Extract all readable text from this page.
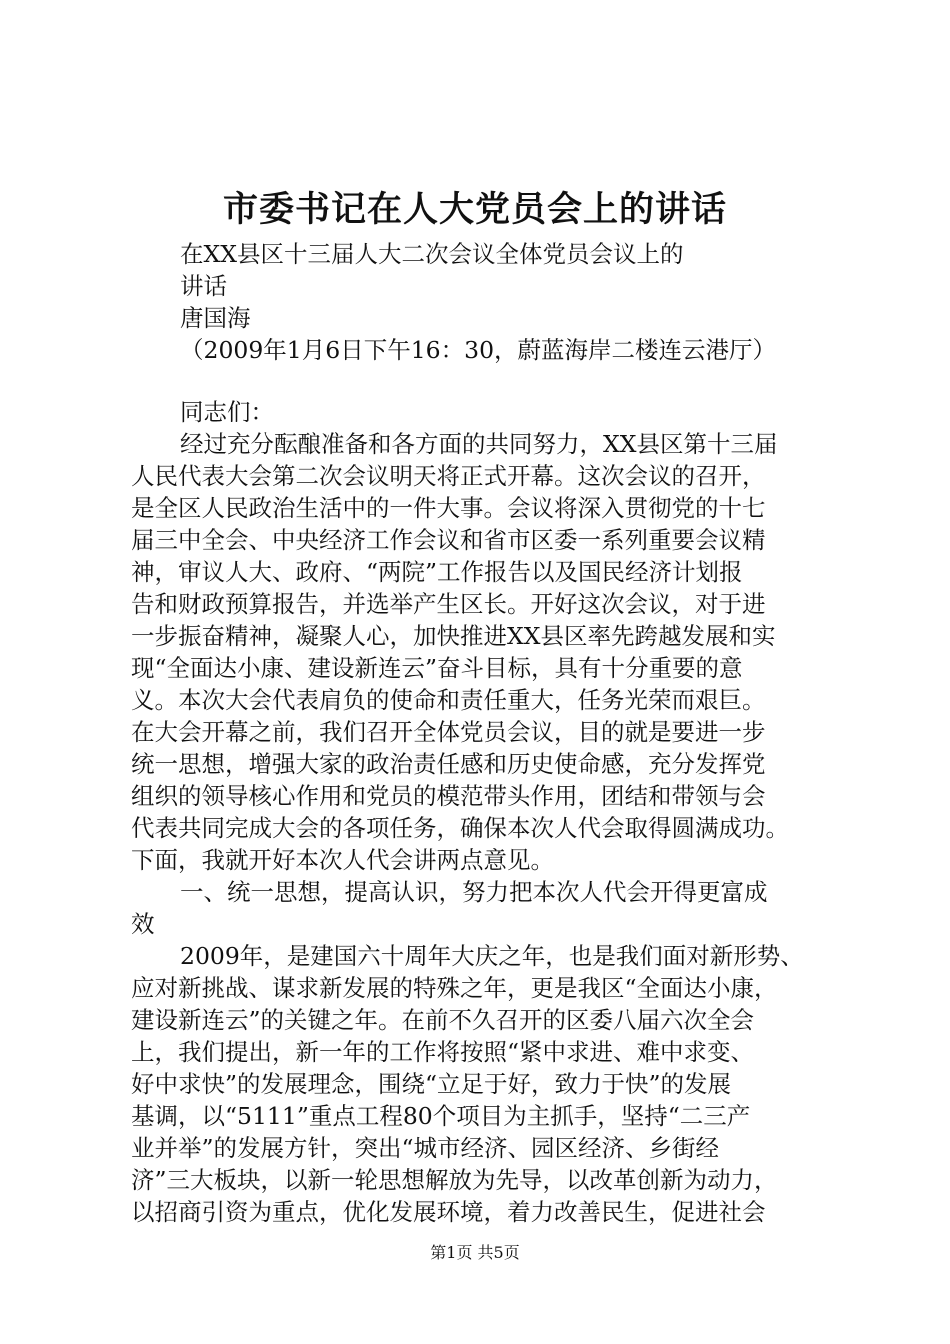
市委书记在人大党员会上的讲话
在XX县区十三届人大二次会议全体党员会议上的
讲话
唐国海
（2009年1月6日下午16：30，蔚蓝海岸二楼连云港厅）
同志们：
经过充分酝酿准备和各方面的共同努力，XX县区第十三届
人民代表大会第二次会议明天将正式开幕。这次会议的召开，
是全区人民政治生活中的一件大事。会议将深入贯彻党的十七
届三中全会、中央经济工作会议和省市区委一系列重要会议精
神，审议人大、政府、“两院”工作报告以及国民经济计划报
告和财政预算报告，并选举产生区长。开好这次会议，对于进
一步振奋精神，凝聚人心，加快推进XX县区率先跨越发展和实
现“全面达小康、建设新连云”奋斗目标，具有十分重要的意
义。本次大会代表肩负的使命和责任重大，任务光荣而艰巨。
在大会开幕之前，我们召开全体党员会议，目的就是要进一步
统一思想，增强大家的政治责任感和历史使命感，充分发挥党
组织的领导核心作用和党员的模范带头作用，团结和带领与会
代表共同完成大会的各项任务，确保本次人代会取得圆满成功。
下面，我就开好本次人代会讲两点意见。
一、统一思想，提高认识，努力把本次人代会开得更富成
效
2009年，是建国六十周年大庆之年，也是我们面对新形势、
应对新挑战、谋求新发展的特殊之年，更是我区“全面达小康，
建设新连云”的关键之年。在前不久召开的区委八届六次全会
上，我们提出，新一年的工作将按照“紧中求进、难中求变、
好中求快”的发展理念，围绕“立足于好，致力于快”的发展
基调，以“5111”重点工程80个项目为主抓手，坚持“二三产
业并举”的发展方针，突出“城市经济、园区经济、乡街经
济”三大板块，以新一轮思想解放为先导，以改革创新为动力，
以招商引资为重点，优化发展环境，着力改善民生，促进社会
第1页 共5页
